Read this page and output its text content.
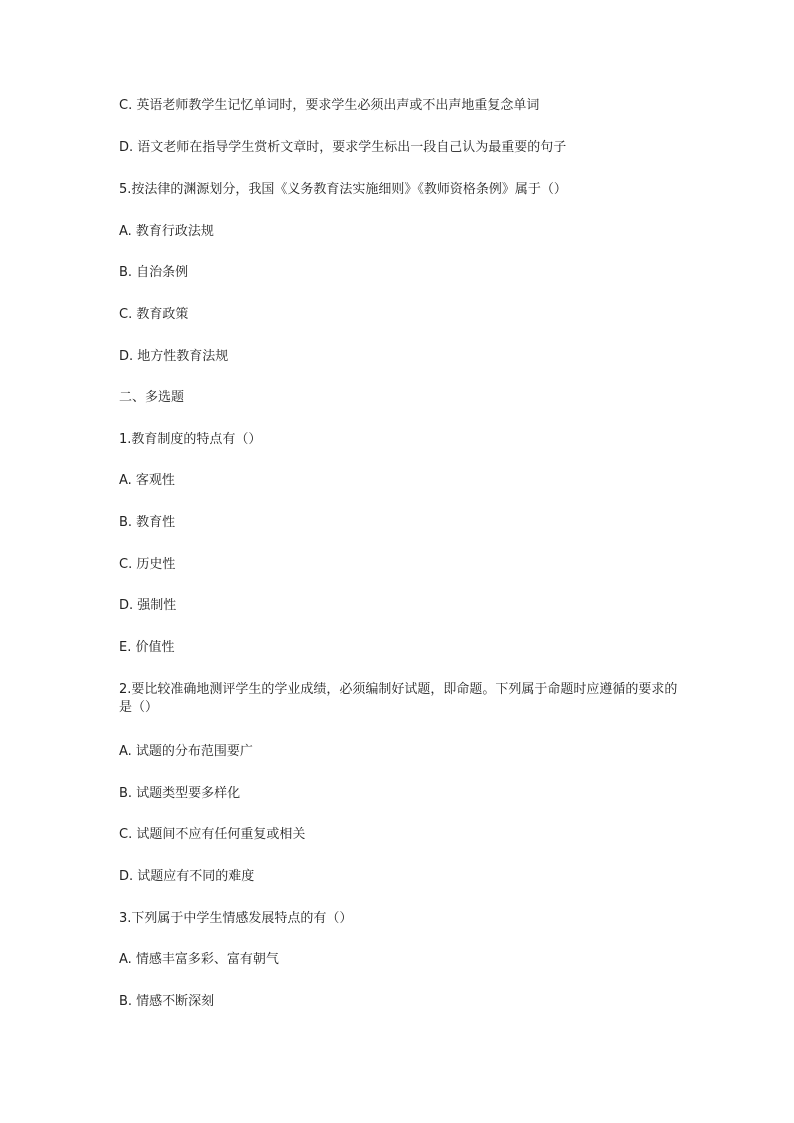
C. 英语老师教学生记忆单词时，要求学生必须出声或不出声地重复念单词
D. 语文老师在指导学生赏析文章时，要求学生标出一段自己认为最重要的句子
5.按法律的渊源划分，我国《义务教育法实施细则》《教师资格条例》属于（）
A. 教育行政法规
B. 自治条例
C. 教育政策
D. 地方性教育法规
二、多选题
1.教育制度的特点有（）
A. 客观性
B. 教育性
C. 历史性
D. 强制性
E. 价值性
2.要比较准确地测评学生的学业成绩，必须编制好试题，即命题。下列属于命题时应遵循的要求的是（）
A. 试题的分布范围要广
B. 试题类型要多样化
C. 试题间不应有任何重复或相关
D. 试题应有不同的难度
3.下列属于中学生情感发展特点的有（）
A. 情感丰富多彩、富有朝气
B. 情感不断深刻
